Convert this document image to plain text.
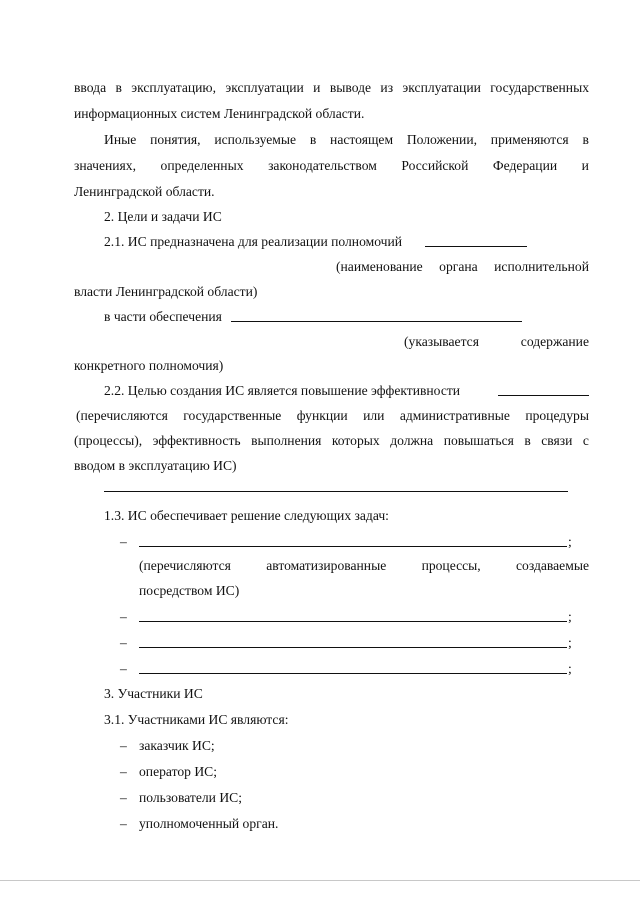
ввода в эксплуатацию, эксплуатации и выводе из эксплуатации государственных

информационных систем Ленинградской области.

Иные понятия, используемые в настоящем Положении, применяются в
значениях, определенных законодательством Российской Федерации и

Ленинградской области.

2. Цели и задачи ИС

2.1. ИС предназначена для реализации полномочий

(наименование органа исполнительной

власти Ленинградской области)

в части обеспечения

(указывается	содержание

конкретного полномочия)

2.2. Целью создания ИС является повышение эффективности

(перечисляются государственные функции или административные процедуры
(процессы), эффективность выполнения которых должна повышаться в связи с

вводом в эксплуатацию ИС)

1.3. ИС обеспечивает решение следующих задач:

–	;
(перечисляются	автоматизированные	процессы,	создаваемые

посредством ИС)

–	;
–	;
–	;

3. Участники ИС

3.1. Участниками ИС являются:

– заказчик ИС;

– оператор ИС;

– пользователи ИС;

– уполномоченный орган.
